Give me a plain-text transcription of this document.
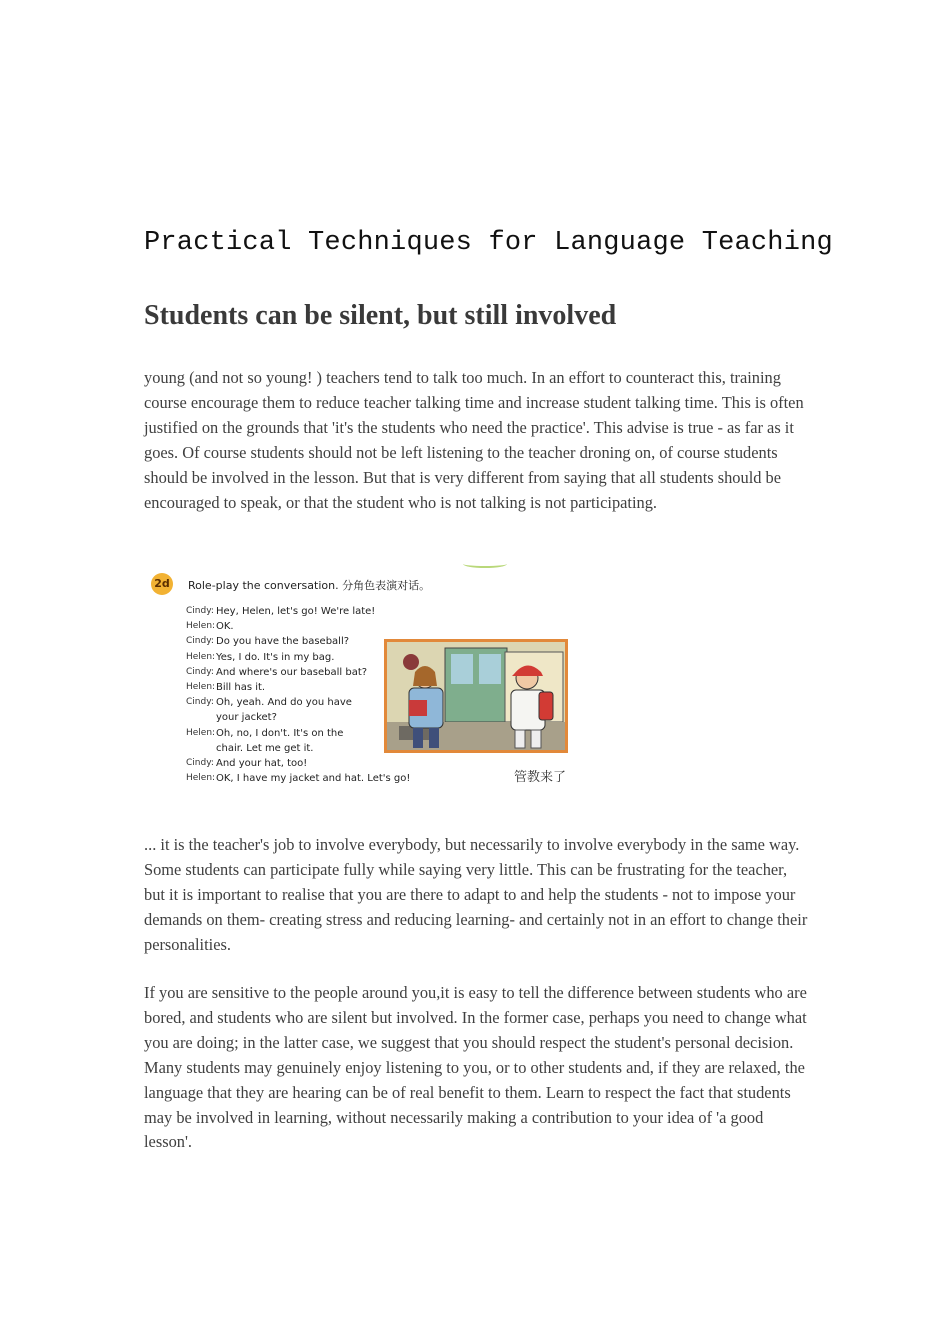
Practical Techniques for Language Teaching
Students can be silent, but still involved

young (and not so young! ) teachers tend to talk too much. In an effort to counteract this, training course encourage them to reduce teacher talking time and increase student talking time. This is often justified on the grounds that 'it's the students who need the practice'. This advise is true - as far as it goes. Of course students should not be left listening to the teacher droning on, of course students should be involved in the lesson. But that is very different from saying that all students should be encouraged to speak, or that the student who is not talking is not participating.

2d Role-play the conversation. 分角色表演对话。
Cindy: Hey, Helen, let's go! We're late!
Helen: OK.
Cindy: Do you have the baseball?
Helen: Yes, I do. It's in my bag.
Cindy: And where's our baseball bat?
Helen: Bill has it.
Cindy: Oh, yeah. And do you have
your jacket?
Helen: Oh, no, I don't. It's on the
chair. Let me get it.
Cindy: And your hat, too!
Helen: OK, I have my jacket and hat. Let's go!	管教来了

... it is the teacher's job to involve everybody, but necessarily to involve everybody in the same way. Some students can participate fully while saying very little. This can be frustrating for the teacher, but it is important to realise that you are there to adapt to and help the students - not to impose your demands on them- creating stress and reducing learning- and certainly not in an effort to change their personalities.

If you are sensitive to the people around you,it is easy to tell the difference between students who are bored, and students who are silent but involved. In the former case, perhaps you need to change what you are doing; in the latter case, we suggest that you should respect the student's personal decision. Many students may genuinely enjoy listening to you, or to other students and, if they are relaxed, the language that they are hearing can be of real benefit to them. Learn to respect the fact that students may be involved in learning, without necessarily making a contribution to your idea of 'a good lesson'.
